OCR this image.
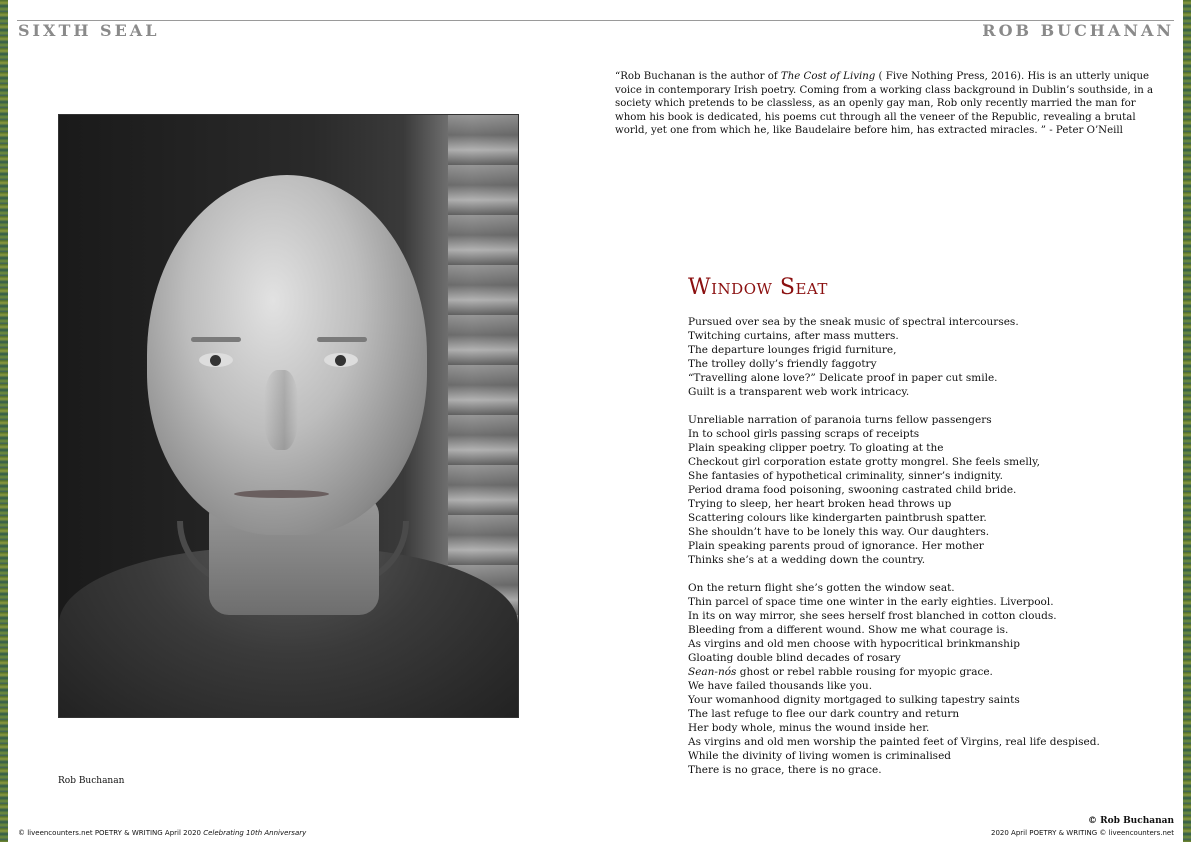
SIXTH SEAL	ROB BUCHANAN
“Rob Buchanan is the author of The Cost of Living ( Five Nothing Press, 2016). His is an utterly unique voice in contemporary Irish poetry. Coming from a working class background in Dublin’s southside, in a society which pretends to be classless, as an openly gay man, Rob only recently married the man for whom his book is dedicated, his poems cut through all the veneer of the Republic, revealing a brutal world, yet one from which he, like Baudelaire before him, has extracted miracles. ” - Peter O’Neill
Rob Buchanan
Window Seat
Pursued over sea by the sneak music of spectral intercourses.
Twitching curtains, after mass mutters.
The departure lounges frigid furniture,
The trolley dolly’s friendly faggotry
“Travelling alone love?” Delicate proof in paper cut smile.
Guilt is a transparent web work intricacy.
Unreliable narration of paranoia turns fellow passengers
In to school girls passing scraps of receipts
Plain speaking clipper poetry. To gloating at the
Checkout girl corporation estate grotty mongrel. She feels smelly,
She fantasies of hypothetical criminality, sinner’s indignity.
Period drama food poisoning, swooning castrated child bride.
Trying to sleep, her heart broken head throws up
Scattering colours like kindergarten paintbrush spatter.
She shouldn’t have to be lonely this way. Our daughters.
Plain speaking parents proud of ignorance. Her mother
Thinks she’s at a wedding down the country.
On the return flight she’s gotten the window seat.
Thin parcel of space time one winter in the early eighties. Liverpool.
In its on way mirror, she sees herself frost blanched in cotton clouds.
Bleeding from a different wound. Show me what courage is.
As virgins and old men choose with hypocritical brinkmanship
Gloating double blind decades of rosary
Sean-nós ghost or rebel rabble rousing for myopic grace.
We have failed thousands like you.
Your womanhood dignity mortgaged to sulking tapestry saints
The last refuge to flee our dark country and return
Her body whole, minus the wound inside her.
As virgins and old men worship the painted feet of Virgins, real life despised.
While the divinity of living women is criminalised
There is no grace, there is no grace.
© Rob Buchanan
© liveencounters.net POETRY & WRITING April 2020 Celebrating 10th Anniversary	2020 April POETRY & WRITING © liveencounters.net
